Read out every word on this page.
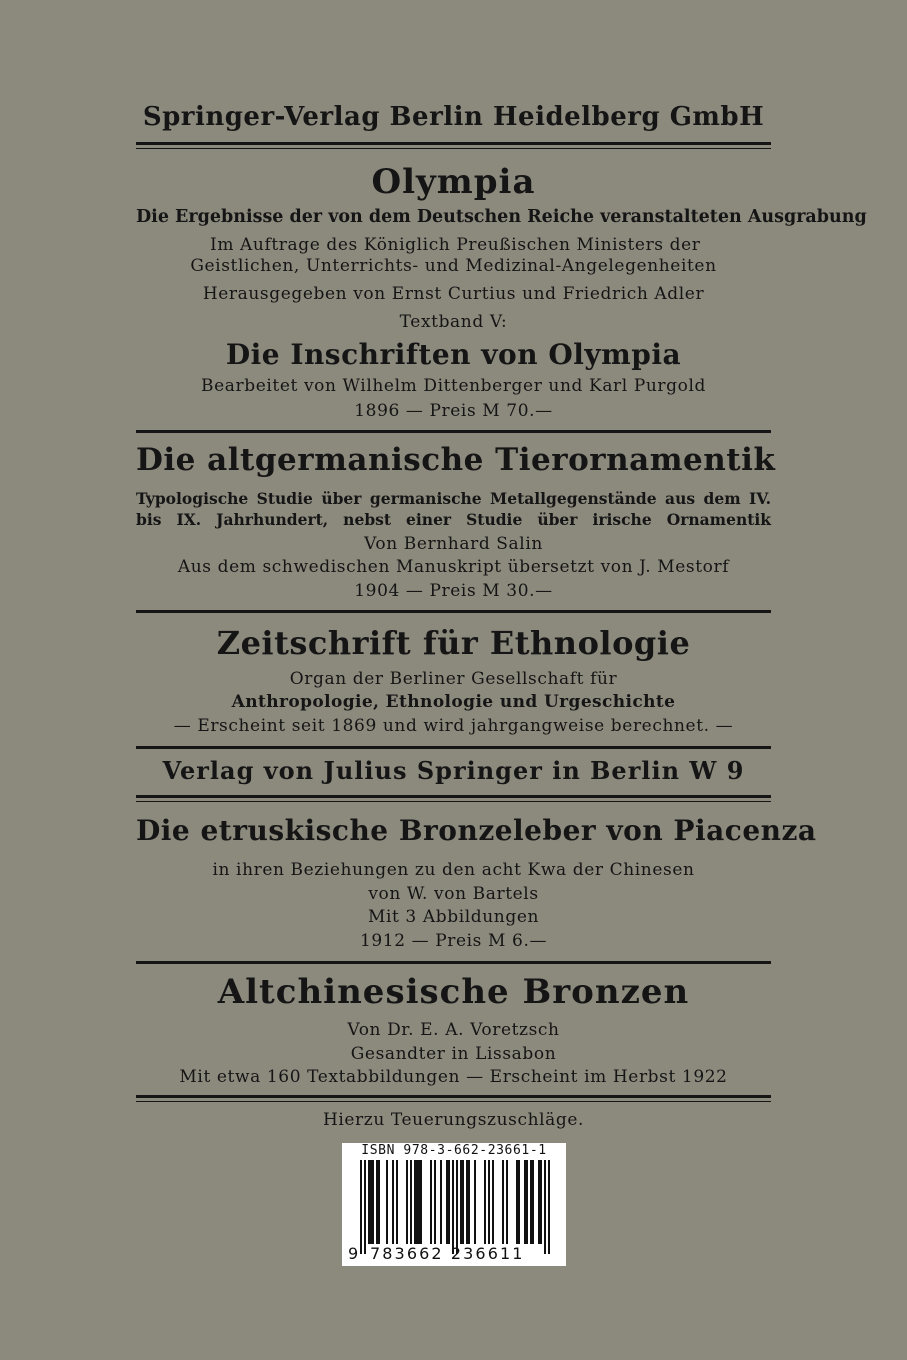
Springer-Verlag Berlin Heidelberg GmbH
Olympia
Die Ergebnisse der von dem Deutschen Reiche veranstalteten Ausgrabung
Im Auftrage des Königlich Preußischen Ministers der
Geistlichen, Unterrichts- und Medizinal-Angelegenheiten
Herausgegeben von Ernst Curtius und Friedrich Adler
Textband V:
Die Inschriften von Olympia
Bearbeitet von Wilhelm Dittenberger und Karl Purgold
1896 — Preis M 70.—
Die altgermanische Tierornamentik
Typologische Studie über germanische Metallgegenstände aus dem IV.
bis IX. Jahrhundert, nebst einer Studie über irische Ornamentik
Von Bernhard Salin
Aus dem schwedischen Manuskript übersetzt von J. Mestorf
1904 — Preis M 30.—
Zeitschrift für Ethnologie
Organ der Berliner Gesellschaft für
Anthropologie, Ethnologie und Urgeschichte
— Erscheint seit 1869 und wird jahrgangweise berechnet. —
Verlag von Julius Springer in Berlin W 9
Die etruskische Bronzeleber von Piacenza
in ihren Beziehungen zu den acht Kwa der Chinesen
von W. von Bartels
Mit 3 Abbildungen
1912 — Preis M 6.—
Altchinesische Bronzen
Von Dr. E. A. Voretzsch
Gesandter in Lissabon
Mit etwa 160 Textabbildungen — Erscheint im Herbst 1922
Hierzu Teuerungszuschläge.
ISBN 978-3-662-23661-1
9 783662 236611
